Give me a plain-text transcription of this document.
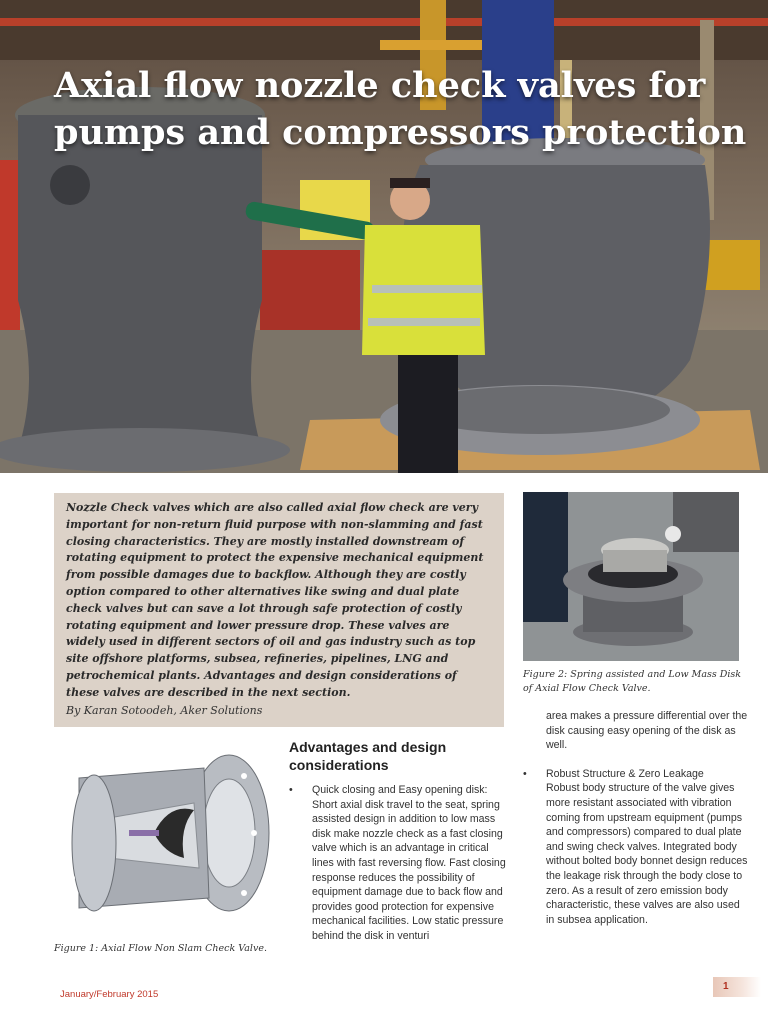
Axial flow nozzle check valves for pumps and compressors protection

Nozzle Check valves which are also called axial flow check are very important for non-return fluid purpose with non-slamming and fast closing characteristics. They are mostly installed downstream of rotating equipment to protect the expensive mechanical equipment from possible damages due to backflow. Although they are costly option compared to other alternatives like swing and dual plate check valves but can save a lot through safe protection of costly rotating equipment and lower pressure drop. These valves are widely used in different sectors of oil and gas industry such as top site offshore platforms, subsea, refineries, pipelines, LNG and petrochemical plants. Advantages and design considerations of these valves are described in the next section.

By Karan Sotoodeh, Aker Solutions
Figure 2: Spring assisted and Low Mass Disk of Axial Flow Check Valve.
Figure 1: Axial Flow Non Slam Check Valve.
Advantages and design considerations
• Quick closing and Easy opening disk: Short axial disk travel to the seat, spring assisted design in addition to low mass disk make nozzle check as a fast closing valve which is an advantage in critical lines with fast reversing flow. Fast closing response reduces the possibility of equipment damage due to back flow and provides good protection for expensive mechanical facilities. Low static pressure behind the disk in venturi
area makes a pressure differential over the disk causing easy opening of the disk as well.
• Robust Structure & Zero Leakage
Robust body structure of the valve gives more resistant associated with vibration coming from upstream equipment (pumps and compressors) compared to dual plate and swing check valves. Integrated body without bolted body bonnet design reduces the leakage risk through the body close to zero. As a result of zero emission body characteristic, these valves are also used in subsea application.
January/February 2015
1
